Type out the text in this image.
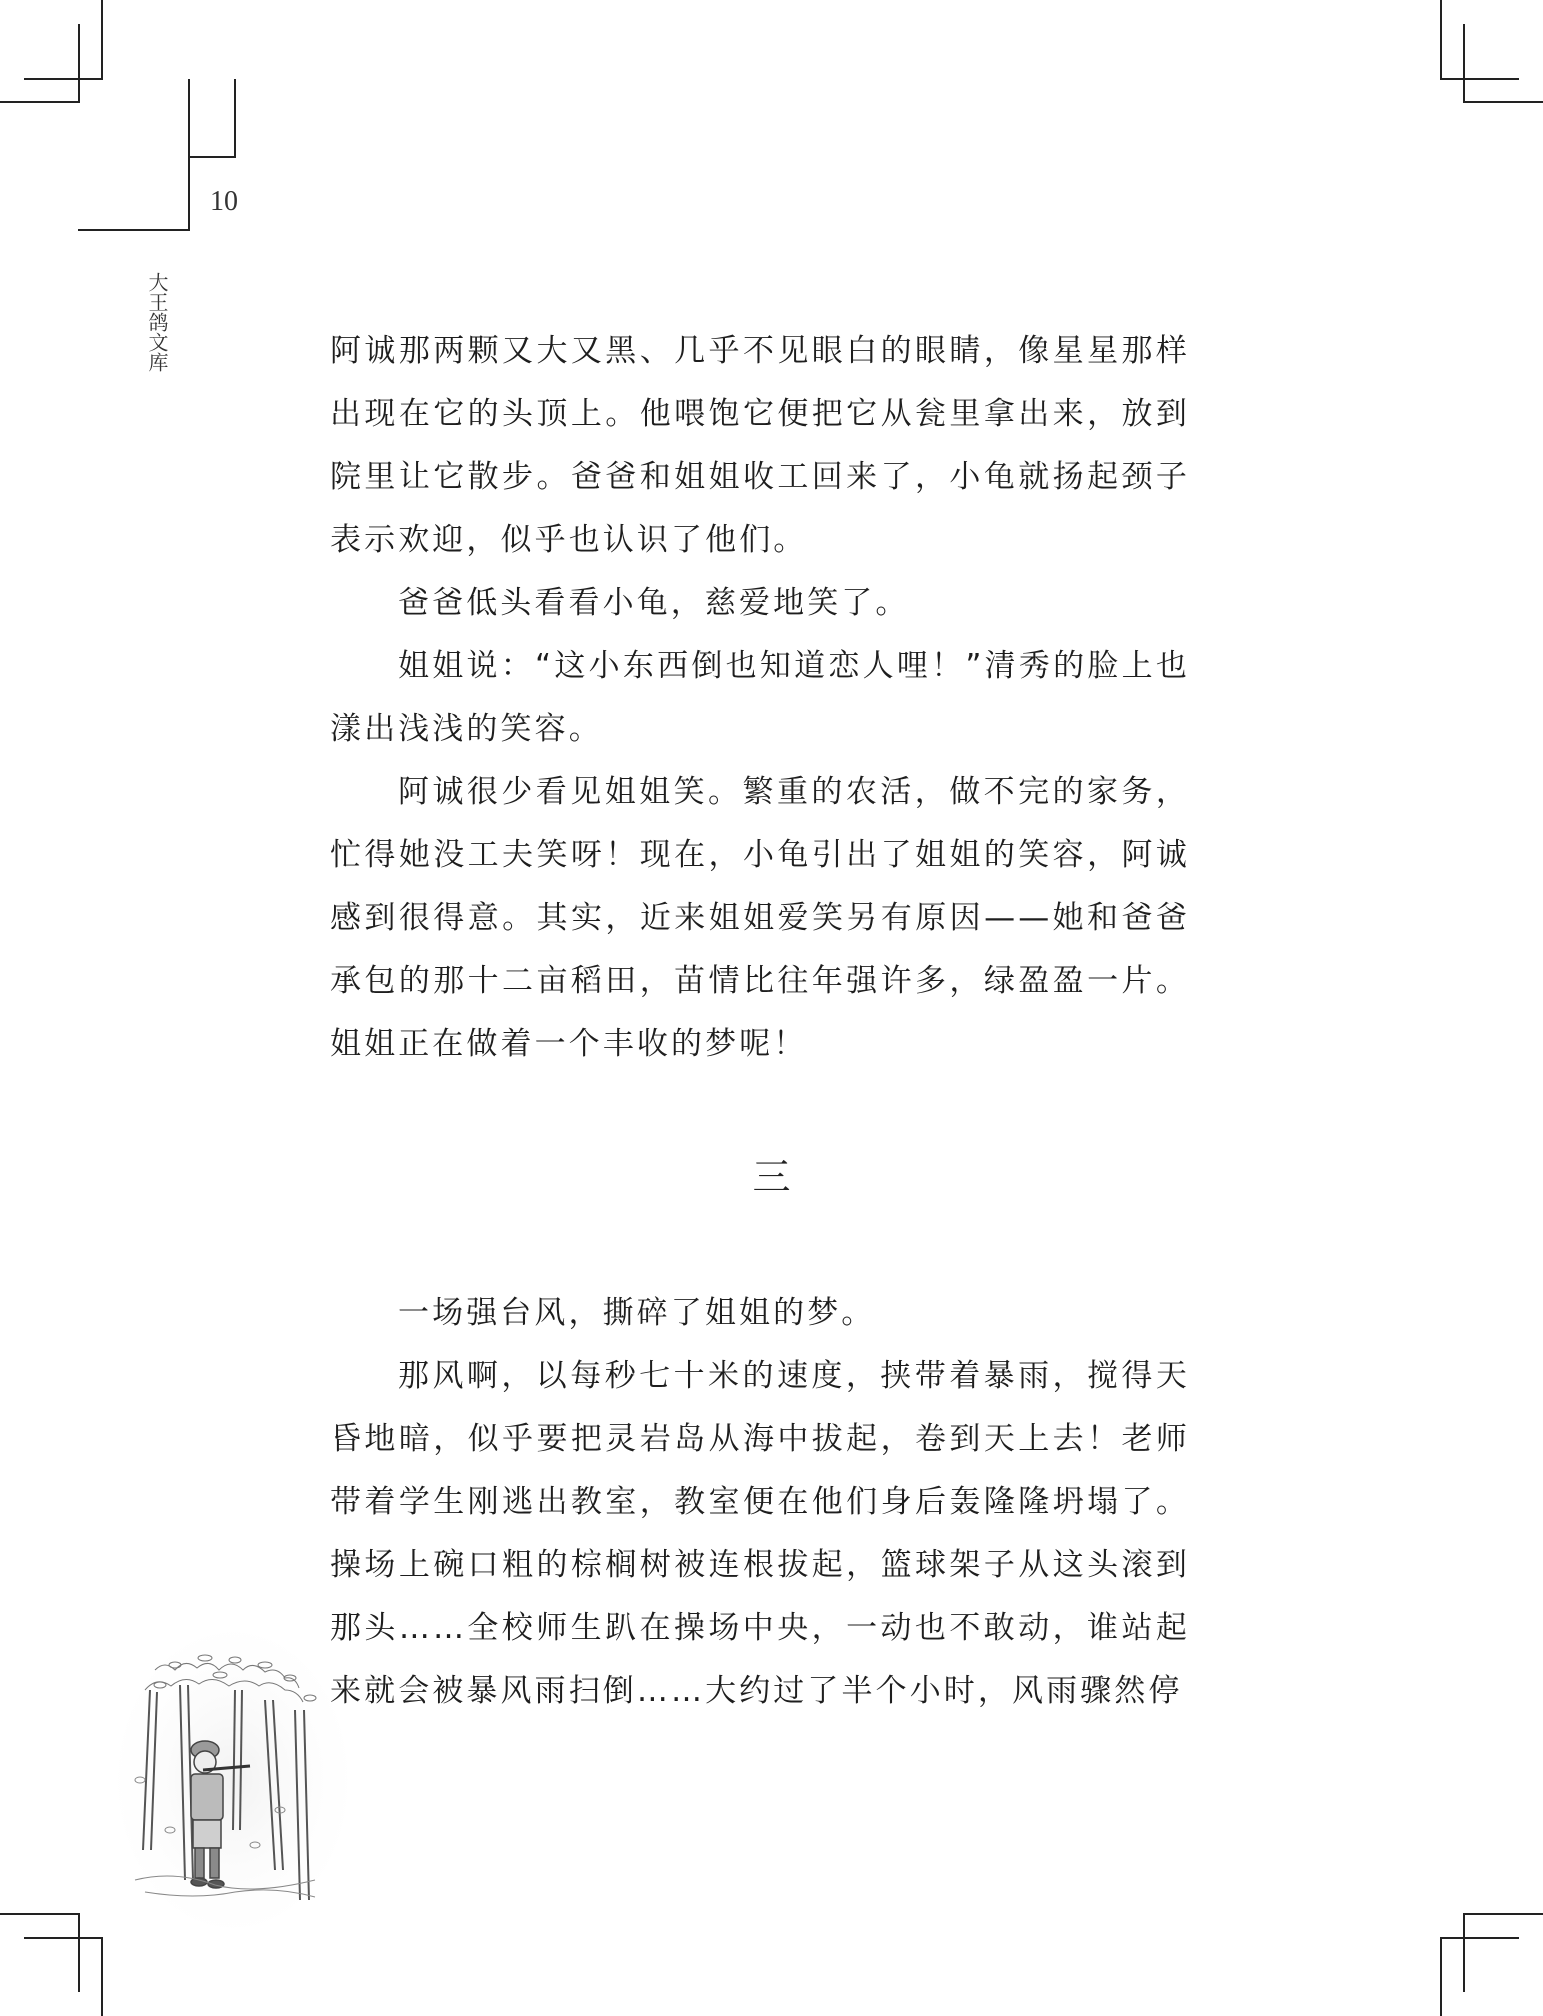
10
大王鸽文库	阿诚那两颗又大又黑、几乎不见眼白的眼睛，像星星那样出现在它的头顶上。他喂饱它便把它从瓮里拿出来，放到院里让它散步。爸爸和姐姐收工回来了，小龟就扬起颈子表示欢迎，似乎也认识了他们。

爸爸低头看看小龟，慈爱地笑了。

姐姐说：“这小东西倒也知道恋人哩！”清秀的脸上也漾出浅浅的笑容。

阿诚很少看见姐姐笑。繁重的农活，做不完的家务，忙得她没工夫笑呀！现在，小龟引出了姐姐的笑容，阿诚感到很得意。其实，近来姐姐爱笑另有原因——她和爸爸承包的那十二亩稻田，苗情比往年强许多，绿盈盈一片。姐姐正在做着一个丰收的梦呢！

三

一场强台风，撕碎了姐姐的梦。

那风啊，以每秒七十米的速度，挟带着暴雨，搅得天昏地暗，似乎要把灵岩岛从海中拔起，卷到天上去！老师带着学生刚逃出教室，教室便在他们身后轰隆隆坍塌了。操场上碗口粗的棕榈树被连根拔起，篮球架子从这头滚到那头……全校师生趴在操场中央，一动也不敢动，谁站起来就会被暴风雨扫倒……大约过了半个小时，风雨骤然停
